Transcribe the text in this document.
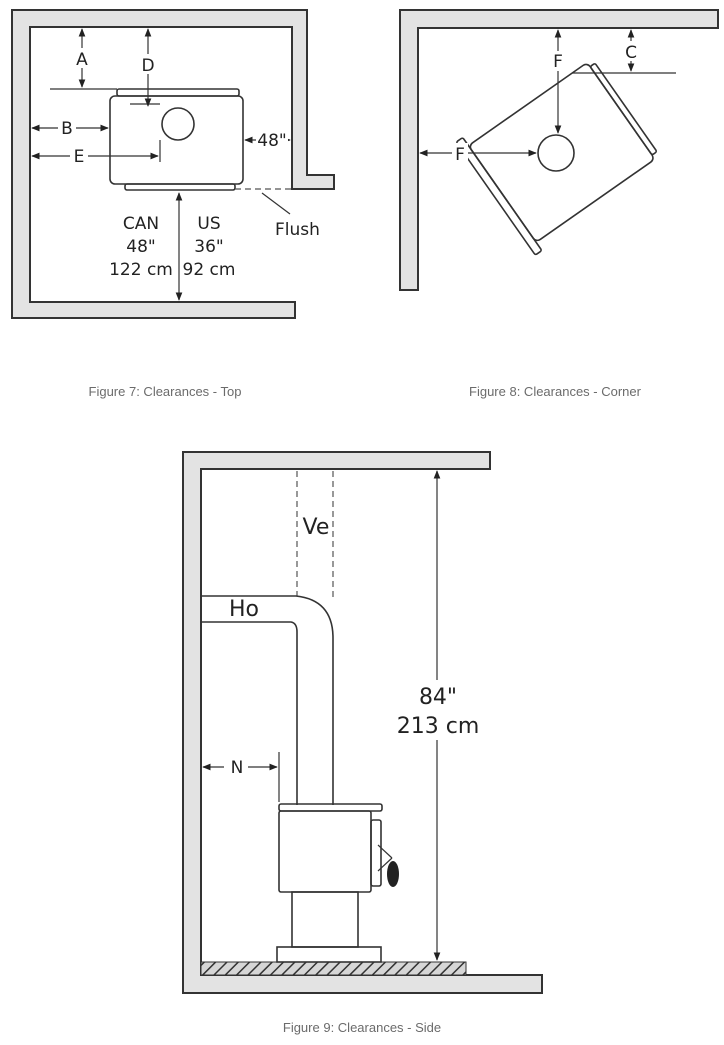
A	D
B
E
48"
Flush
CAN
48"
122 cm
US
36"
92 cm
Figure 7: Clearances - Top
C
F
F
Figure 8: Clearances - Corner
Ve
Ho
N
84"
213 cm
Figure 9: Clearances - Side
